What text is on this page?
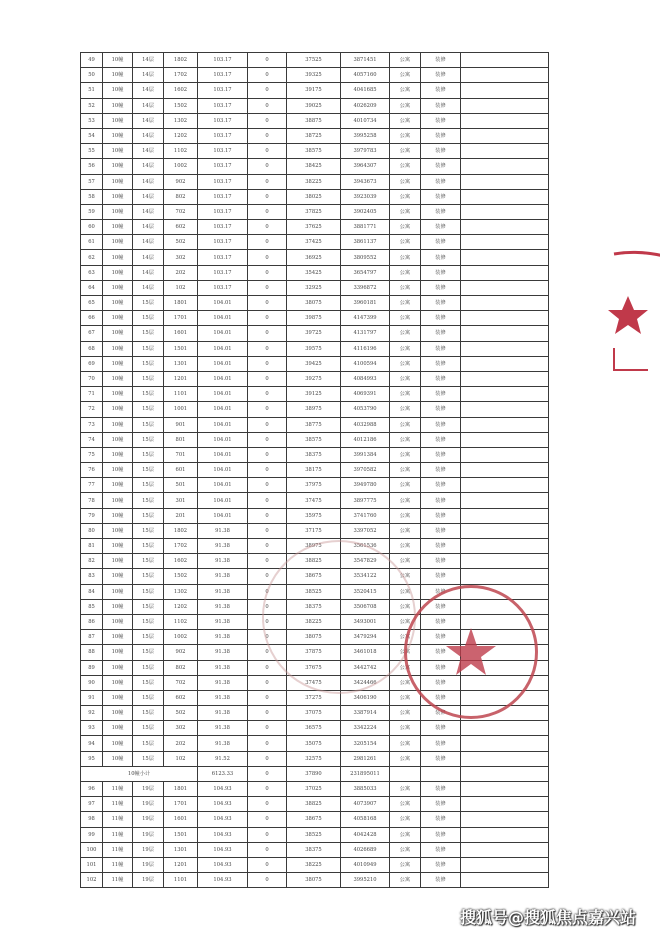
49	10幢	14层	1802	103.17	0	37525	3871451	公寓	装修	
50	10幢	14层	1702	103.17	0	39325	4057160	公寓	装修	
51	10幢	14层	1602	103.17	0	39175	4041685	公寓	装修	
52	10幢	14层	1502	103.17	0	39025	4026209	公寓	装修	
53	10幢	14层	1302	103.17	0	38875	4010734	公寓	装修	
54	10幢	14层	1202	103.17	0	38725	3995258	公寓	装修	
55	10幢	14层	1102	103.17	0	38575	3979783	公寓	装修	
56	10幢	14层	1002	103.17	0	38425	3964307	公寓	装修	
57	10幢	14层	902	103.17	0	38225	3943673	公寓	装修	
58	10幢	14层	802	103.17	0	38025	3923039	公寓	装修	
59	10幢	14层	702	103.17	0	37825	3902405	公寓	装修	
60	10幢	14层	602	103.17	0	37625	3881771	公寓	装修	
61	10幢	14层	502	103.17	0	37425	3861137	公寓	装修	
62	10幢	14层	302	103.17	0	36925	3809552	公寓	装修	
63	10幢	14层	202	103.17	0	35425	3654797	公寓	装修	
64	10幢	14层	102	103.17	0	32925	3396872	公寓	装修	
65	10幢	15层	1801	104.01	0	38075	3960181	公寓	装修	
66	10幢	15层	1701	104.01	0	39875	4147399	公寓	装修	
67	10幢	15层	1601	104.01	0	39725	4131797	公寓	装修	
68	10幢	15层	1501	104.01	0	39575	4116196	公寓	装修	
69	10幢	15层	1301	104.01	0	39425	4100594	公寓	装修	
70	10幢	15层	1201	104.01	0	39275	4084993	公寓	装修	
71	10幢	15层	1101	104.01	0	39125	4069391	公寓	装修	
72	10幢	15层	1001	104.01	0	38975	4053790	公寓	装修	
73	10幢	15层	901	104.01	0	38775	4032988	公寓	装修	
74	10幢	15层	801	104.01	0	38575	4012186	公寓	装修	
75	10幢	15层	701	104.01	0	38375	3991384	公寓	装修	
76	10幢	15层	601	104.01	0	38175	3970582	公寓	装修	
77	10幢	15层	501	104.01	0	37975	3949780	公寓	装修	
78	10幢	15层	301	104.01	0	37475	3897775	公寓	装修	
79	10幢	15层	201	104.01	0	35975	3741760	公寓	装修	
80	10幢	15层	1802	91.38	0	37175	3397052	公寓	装修	
81	10幢	15层	1702	91.38	0	38975	3561536	公寓	装修	
82	10幢	15层	1602	91.38	0	38825	3547829	公寓	装修	
83	10幢	15层	1502	91.38	0	38675	3534122	公寓	装修	
84	10幢	15层	1302	91.38	0	38525	3520415	公寓	装修	
85	10幢	15层	1202	91.38	0	38375	3506708	公寓	装修	
86	10幢	15层	1102	91.38	0	38225	3493001	公寓	装修	
87	10幢	15层	1002	91.38	0	38075	3479294	公寓	装修	
88	10幢	15层	902	91.38	0	37875	3461018	公寓	装修	
89	10幢	15层	802	91.38	0	37675	3442742	公寓	装修	
90	10幢	15层	702	91.38	0	37475	3424466	公寓	装修	
91	10幢	15层	602	91.38	0	37275	3406190	公寓	装修	
92	10幢	15层	502	91.38	0	37075	3387914	公寓	装修	
93	10幢	15层	302	91.38	0	36575	3342224	公寓	装修	
94	10幢	15层	202	91.38	0	35075	3205154	公寓	装修	
95	10幢	15层	102	91.52	0	32575	2981261	公寓	装修	
10幢小计				6123.33	0	37890	231895011			
96	11幢	19层	1801	104.93	0	37025	3885033	公寓	装修	
97	11幢	19层	1701	104.93	0	38825	4073907	公寓	装修	
98	11幢	19层	1601	104.93	0	38675	4058168	公寓	装修	
99	11幢	19层	1501	104.93	0	38525	4042428	公寓	装修	
100	11幢	19层	1301	104.93	0	38375	4026689	公寓	装修	
101	11幢	19层	1201	104.93	0	38225	4010949	公寓	装修	
102	11幢	19层	1101	104.93	0	38075	3995210	公寓	装修	
搜狐号@搜狐焦点嘉兴站
